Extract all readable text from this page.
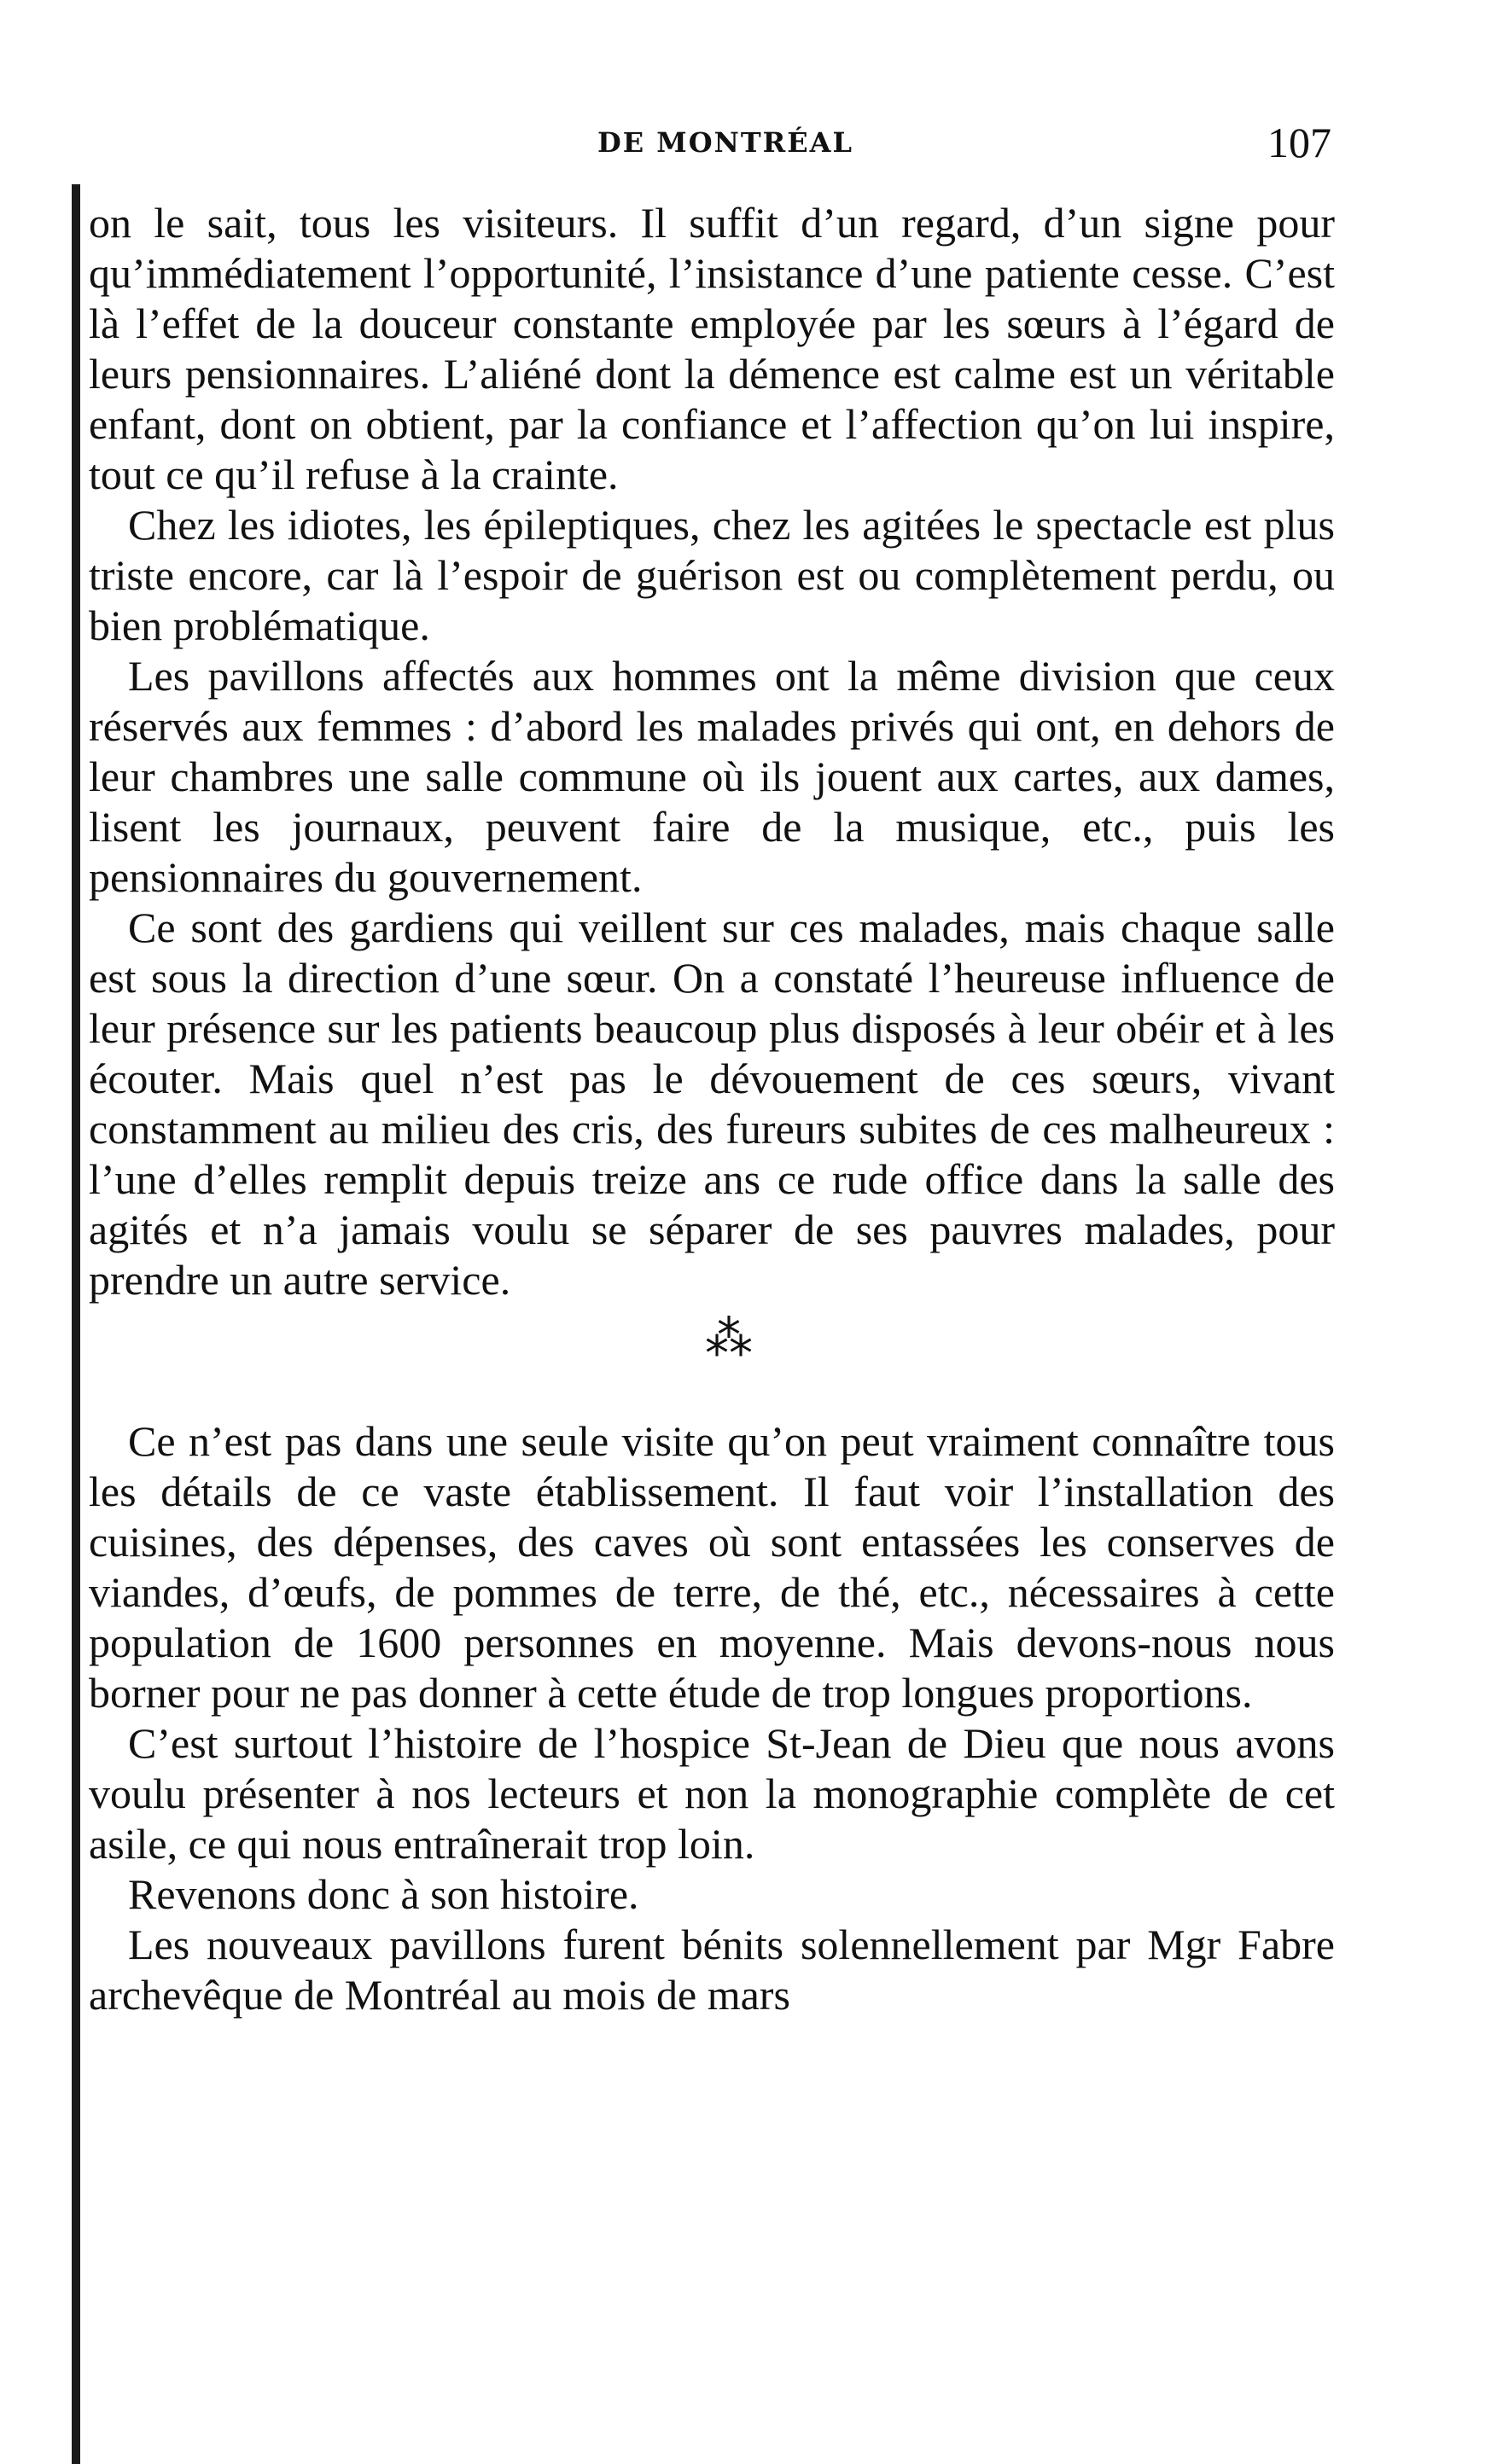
DE MONTRÉAL	107

on le sait, tous les visiteurs. Il suffit d’un regard, d’un signe pour qu’immédiatement l’opportunité, l’insistance d’une patiente cesse. C’est là l’effet de la douceur constante employée par les sœurs à l’égard de leurs pensionnaires. L’aliéné dont la démence est calme est un véritable enfant, dont on obtient, par la confiance et l’affection qu’on lui inspire, tout ce qu’il refuse à la crainte.

Chez les idiotes, les épileptiques, chez les agitées le spectacle est plus triste encore, car là l’espoir de guérison est ou complètement perdu, ou bien problématique.

Les pavillons affectés aux hommes ont la même division que ceux réservés aux femmes : d’abord les malades privés qui ont, en dehors de leur chambres une salle commune où ils jouent aux cartes, aux dames, lisent les journaux, peuvent faire de la musique, etc., puis les pensionnaires du gouvernement.

Ce sont des gardiens qui veillent sur ces malades, mais chaque salle est sous la direction d’une sœur. On a constaté l’heureuse influence de leur présence sur les patients beaucoup plus disposés à leur obéir et à les écouter. Mais quel n’est pas le dévouement de ces sœurs, vivant constamment au milieu des cris, des fureurs subites de ces malheureux : l’une d’elles remplit depuis treize ans ce rude office dans la salle des agités et n’a jamais voulu se séparer de ses pauvres malades, pour prendre un autre service.

⁂

Ce n’est pas dans une seule visite qu’on peut vraiment connaître tous les détails de ce vaste établissement. Il faut voir l’installation des cuisines, des dépenses, des caves où sont entassées les conserves de viandes, d’œufs, de pommes de terre, de thé, etc., nécessaires à cette population de 1600 personnes en moyenne. Mais devons-nous nous borner pour ne pas donner à cette étude de trop longues proportions.

C’est surtout l’histoire de l’hospice St-Jean de Dieu que nous avons voulu présenter à nos lecteurs et non la monographie complète de cet asile, ce qui nous entraînerait trop loin.

Revenons donc à son histoire.

Les nouveaux pavillons furent bénits solennellement par Mgr Fabre archevêque de Montréal au mois de mars
